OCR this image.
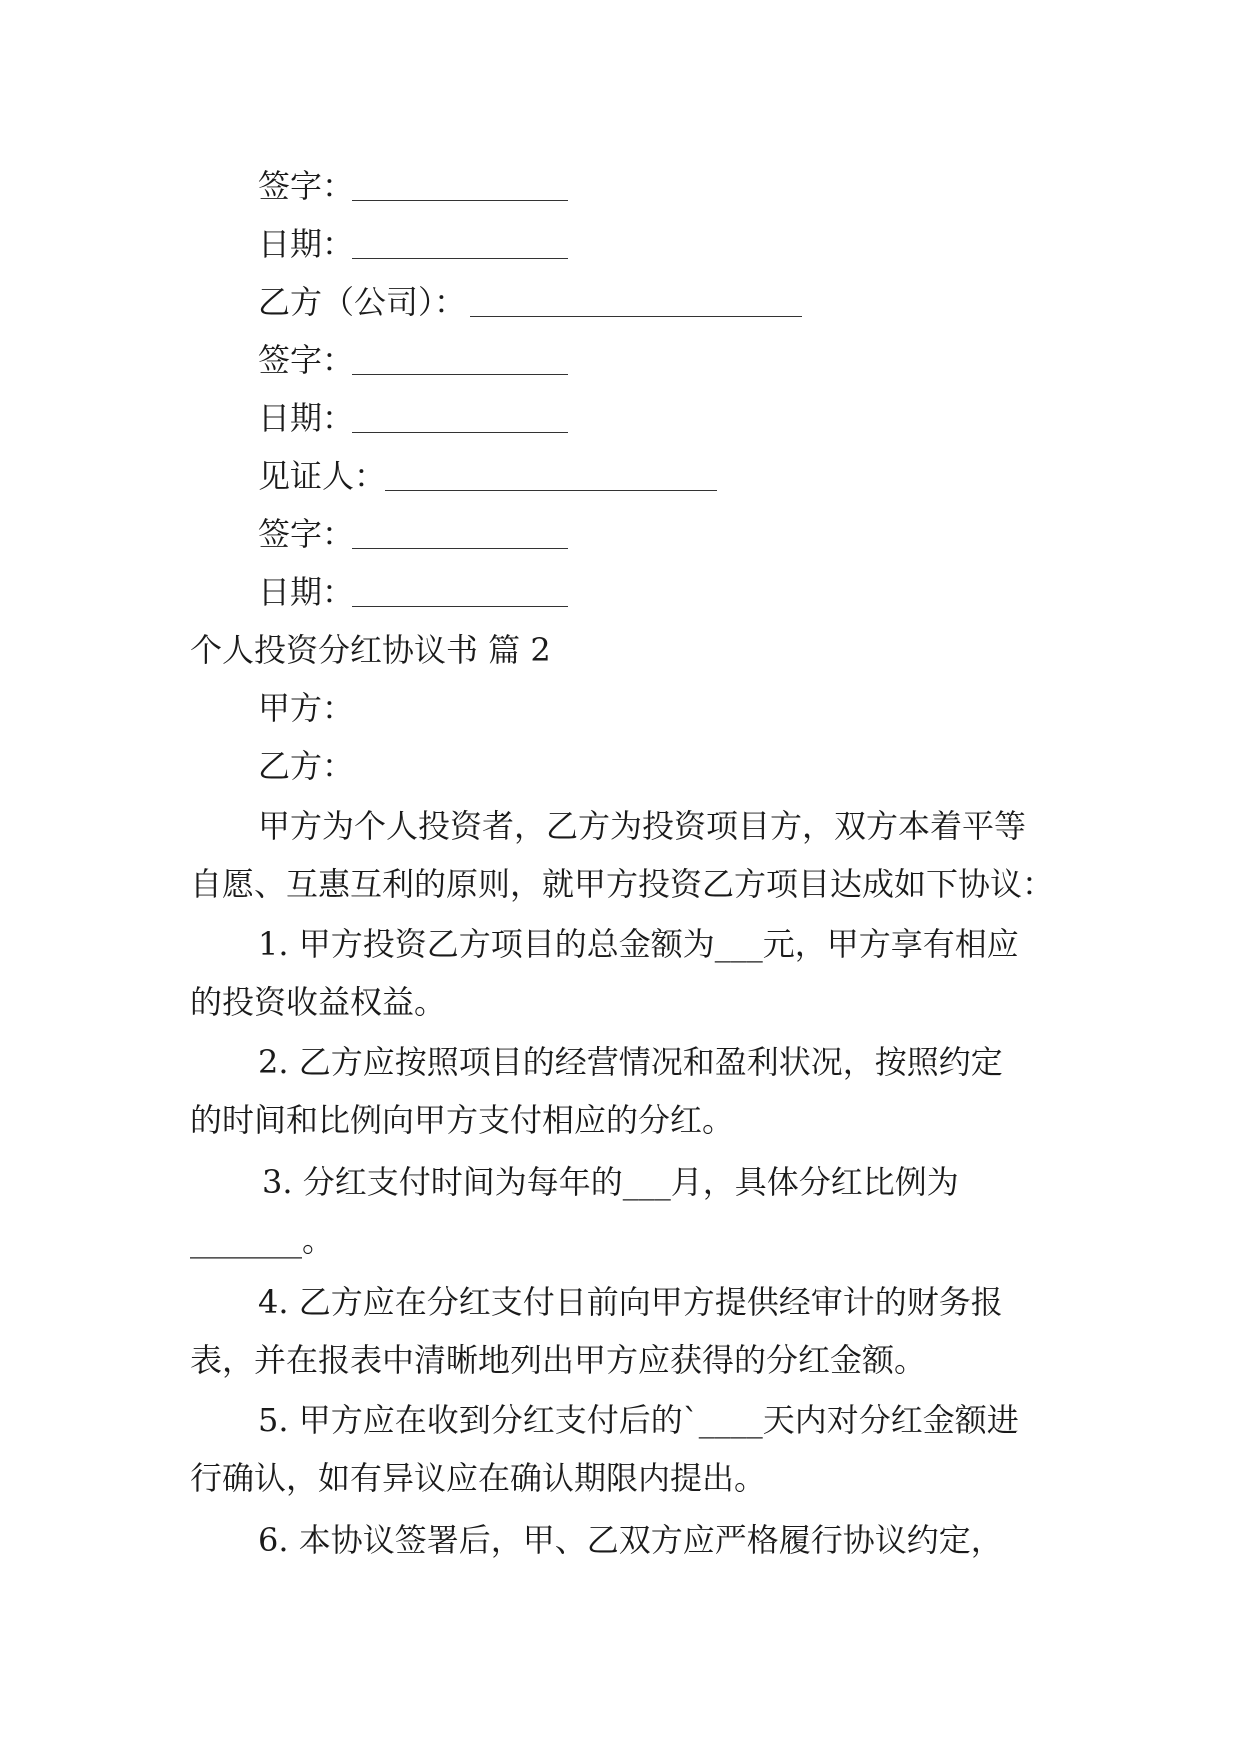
签字：
日期：
乙方（公司）：
签字：
日期：
见证人：
签字：
日期：
个人投资分红协议书 篇 2
甲方：
乙方：
甲方为个人投资者，乙方为投资项目方，双方本着平等
自愿、互惠互利的原则，就甲方投资乙方项目达成如下协议：
1. 甲方投资乙方项目的总金额为___元，甲方享有相应
的投资收益权益。
2. 乙方应按照项目的经营情况和盈利状况，按照约定
的时间和比例向甲方支付相应的分红。
3. 分红支付时间为每年的___月，具体分红比例为
_______。
4. 乙方应在分红支付日前向甲方提供经审计的财务报
表，并在报表中清晰地列出甲方应获得的分红金额。
5. 甲方应在收到分红支付后的`____天内对分红金额进
行确认，如有异议应在确认期限内提出。
6. 本协议签署后，甲、乙双方应严格履行协议约定，
